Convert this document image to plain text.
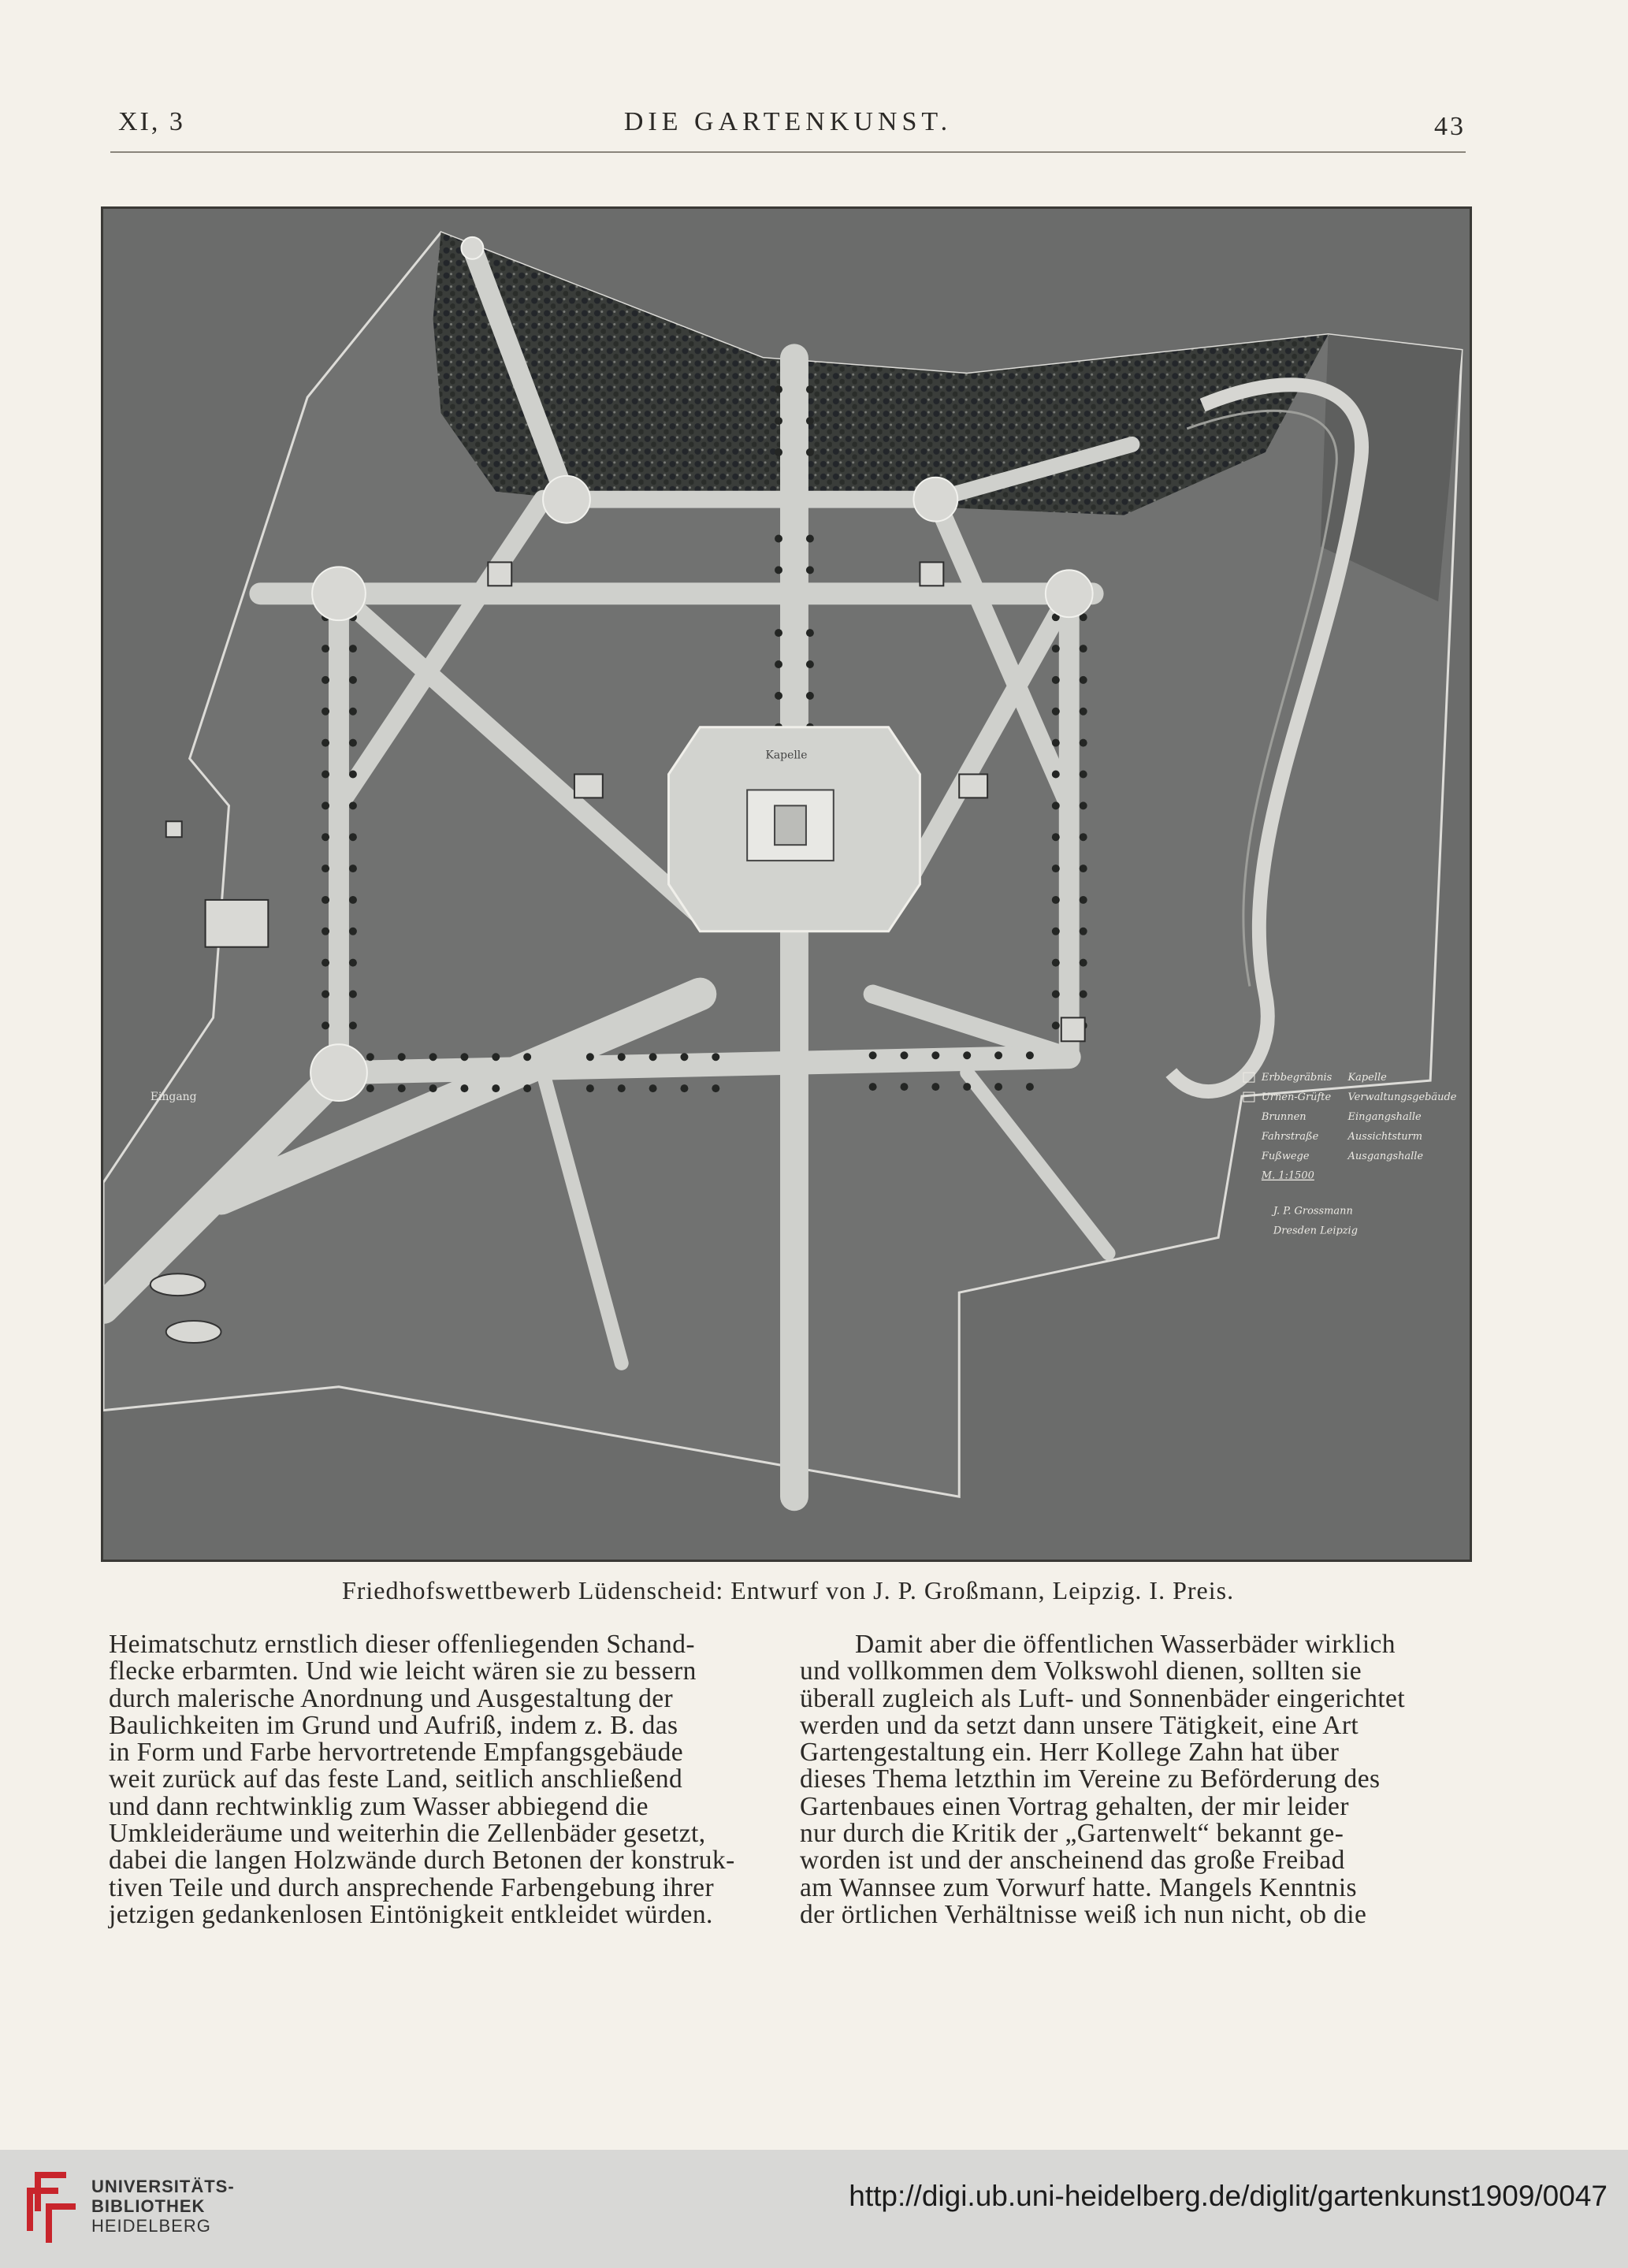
XI, 3	DIE GARTENKUNST.	43
Kapelle
Eingang
Erbbegräbnis Kapelle
Urnen-Grüfte Verwaltungsgebäude
Brunnen	Eingangshalle
Fahrstraße	Aussichtsturm
Fußwege	Ausgangshalle
M. 1:1500
J. P. Grossmann
Dresden Leipzig
Friedhofswettbewerb Lüdenscheid: Entwurf von J. P. Großmann, Leipzig. I. Preis.

Heimatschutz ernstlich dieser offenliegenden Schand-

flecke erbarmten. Und wie leicht wären sie zu bessern

durch malerische Anordnung und Ausgestaltung der

Baulichkeiten im Grund und Aufriß, indem z. B. das

in Form und Farbe hervortretende Empfangsgebäude

weit zurück auf das feste Land, seitlich anschließend

und dann rechtwinklig zum Wasser abbiegend die

Umkleideräume und weiterhin die Zellenbäder gesetzt,

dabei die langen Holzwände durch Betonen der konstruk-

tiven Teile und durch ansprechende Farbengebung ihrer

jetzigen gedankenlosen Eintönigkeit entkleidet würden.

Damit aber die öffentlichen Wasserbäder wirklich

und vollkommen dem Volkswohl dienen, sollten sie

überall zugleich als Luft- und Sonnenbäder eingerichtet

werden und da setzt dann unsere Tätigkeit, eine Art

Gartengestaltung ein. Herr Kollege Zahn hat über

dieses Thema letzthin im Vereine zu Beförderung des

Gartenbaues einen Vortrag gehalten, der mir leider

nur durch die Kritik der „Gartenwelt“ bekannt ge-

worden ist und der anscheinend das große Freibad

am Wannsee zum Vorwurf hatte. Mangels Kenntnis

der örtlichen Verhältnisse weiß ich nun nicht, ob die

UNIVERSITÄTS-
BIBLIOTHEK
HEIDELBERG
http://digi.ub.uni-heidelberg.de/diglit/gartenkunst1909/0047
